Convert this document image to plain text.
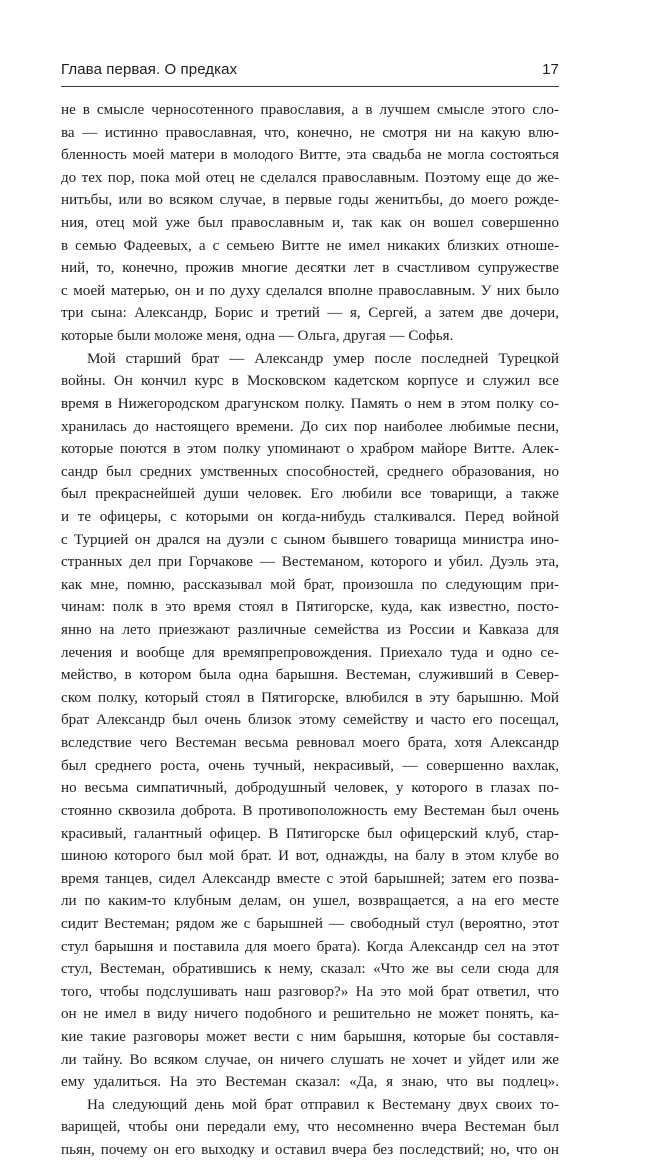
Глава первая. О предках	17
не в смысле черносотенного православия, а в лучшем смысле этого сло-
ва — истинно православная, что, конечно, не смотря ни на какую влю-
бленность моей матери в молодого Витте, эта свадьба не могла состояться
до тех пор, пока мой отец не сделался православным. Поэтому еще до же-
нитьбы, или во всяком случае, в первые годы женитьбы, до моего рожде-
ния, отец мой уже был православным и, так как он вошел совершенно
в семью Фадеевых, а с семьею Витте не имел никаких близких отноше-
ний, то, конечно, прожив многие десятки лет в счастливом супружестве
с моей матерью, он и по духу сделался вполне православным. У них было
три сына: Александр, Борис и третий — я, Сергей, а затем две дочери,
которые были моложе меня, одна — Ольга, другая — Софья.
Мой старший брат — Александр умер после последней Турецкой
войны. Он кончил курс в Московском кадетском корпусе и служил все
время в Нижегородском драгунском полку. Память о нем в этом полку со-
хранилась до настоящего времени. До сих пор наиболее любимые песни,
которые поются в этом полку упоминают о храбром майоре Витте. Алек-
сандр был средних умственных способностей, среднего образования, но
был прекраснейшей души человек. Его любили все товарищи, а также
и те офицеры, с которыми он когда-нибудь сталкивался. Перед войной
с Турцией он дрался на дуэли с сыном бывшего товарища министра ино-
странных дел при Горчакове — Вестеманом, которого и убил. Дуэль эта,
как мне, помню, рассказывал мой брат, произошла по следующим при-
чинам: полк в это время стоял в Пятигорске, куда, как известно, посто-
янно на лето приезжают различные семейства из России и Кавказа для
лечения и вообще для времяпрепровождения. Приехало туда и одно се-
мейство, в котором была одна барышня. Вестеман, служивший в Север-
ском полку, который стоял в Пятигорске, влюбился в эту барышню. Мой
брат Александр был очень близок этому семейству и часто его посещал,
вследствие чего Вестеман весьма ревновал моего брата, хотя Александр
был среднего роста, очень тучный, некрасивый, — совершенно вахлак,
но весьма симпатичный, добродушный человек, у которого в глазах по-
стоянно сквозила доброта. В противоположность ему Вестеман был очень
красивый, галантный офицер. В Пятигорске был офицерский клуб, стар-
шиною которого был мой брат. И вот, однажды, на балу в этом клубе во
время танцев, сидел Александр вместе с этой барышней; затем его позва-
ли по каким-то клубным делам, он ушел, возвращается, а на его месте
сидит Вестеман; рядом же с барышней — свободный стул (вероятно, этот
стул барышня и поставила для моего брата). Когда Александр сел на этот
стул, Вестеман, обратившись к нему, сказал: «Что же вы сели сюда для
того, чтобы подслушивать наш разговор?» На это мой брат ответил, что
он не имел в виду ничего подобного и решительно не может понять, ка-
кие такие разговоры может вести с ним барышня, которые бы составля-
ли тайну. Во всяком случае, он ничего слушать не хочет и уйдет или же
ему удалиться. На это Вестеман сказал: «Да, я знаю, что вы подлец».
На следующий день мой брат отправил к Вестеману двух своих то-
варищей, чтобы они передали ему, что несомненно вчера Вестеман был
пьян, почему он его выходку и оставил вчера без последствий; но, что он
